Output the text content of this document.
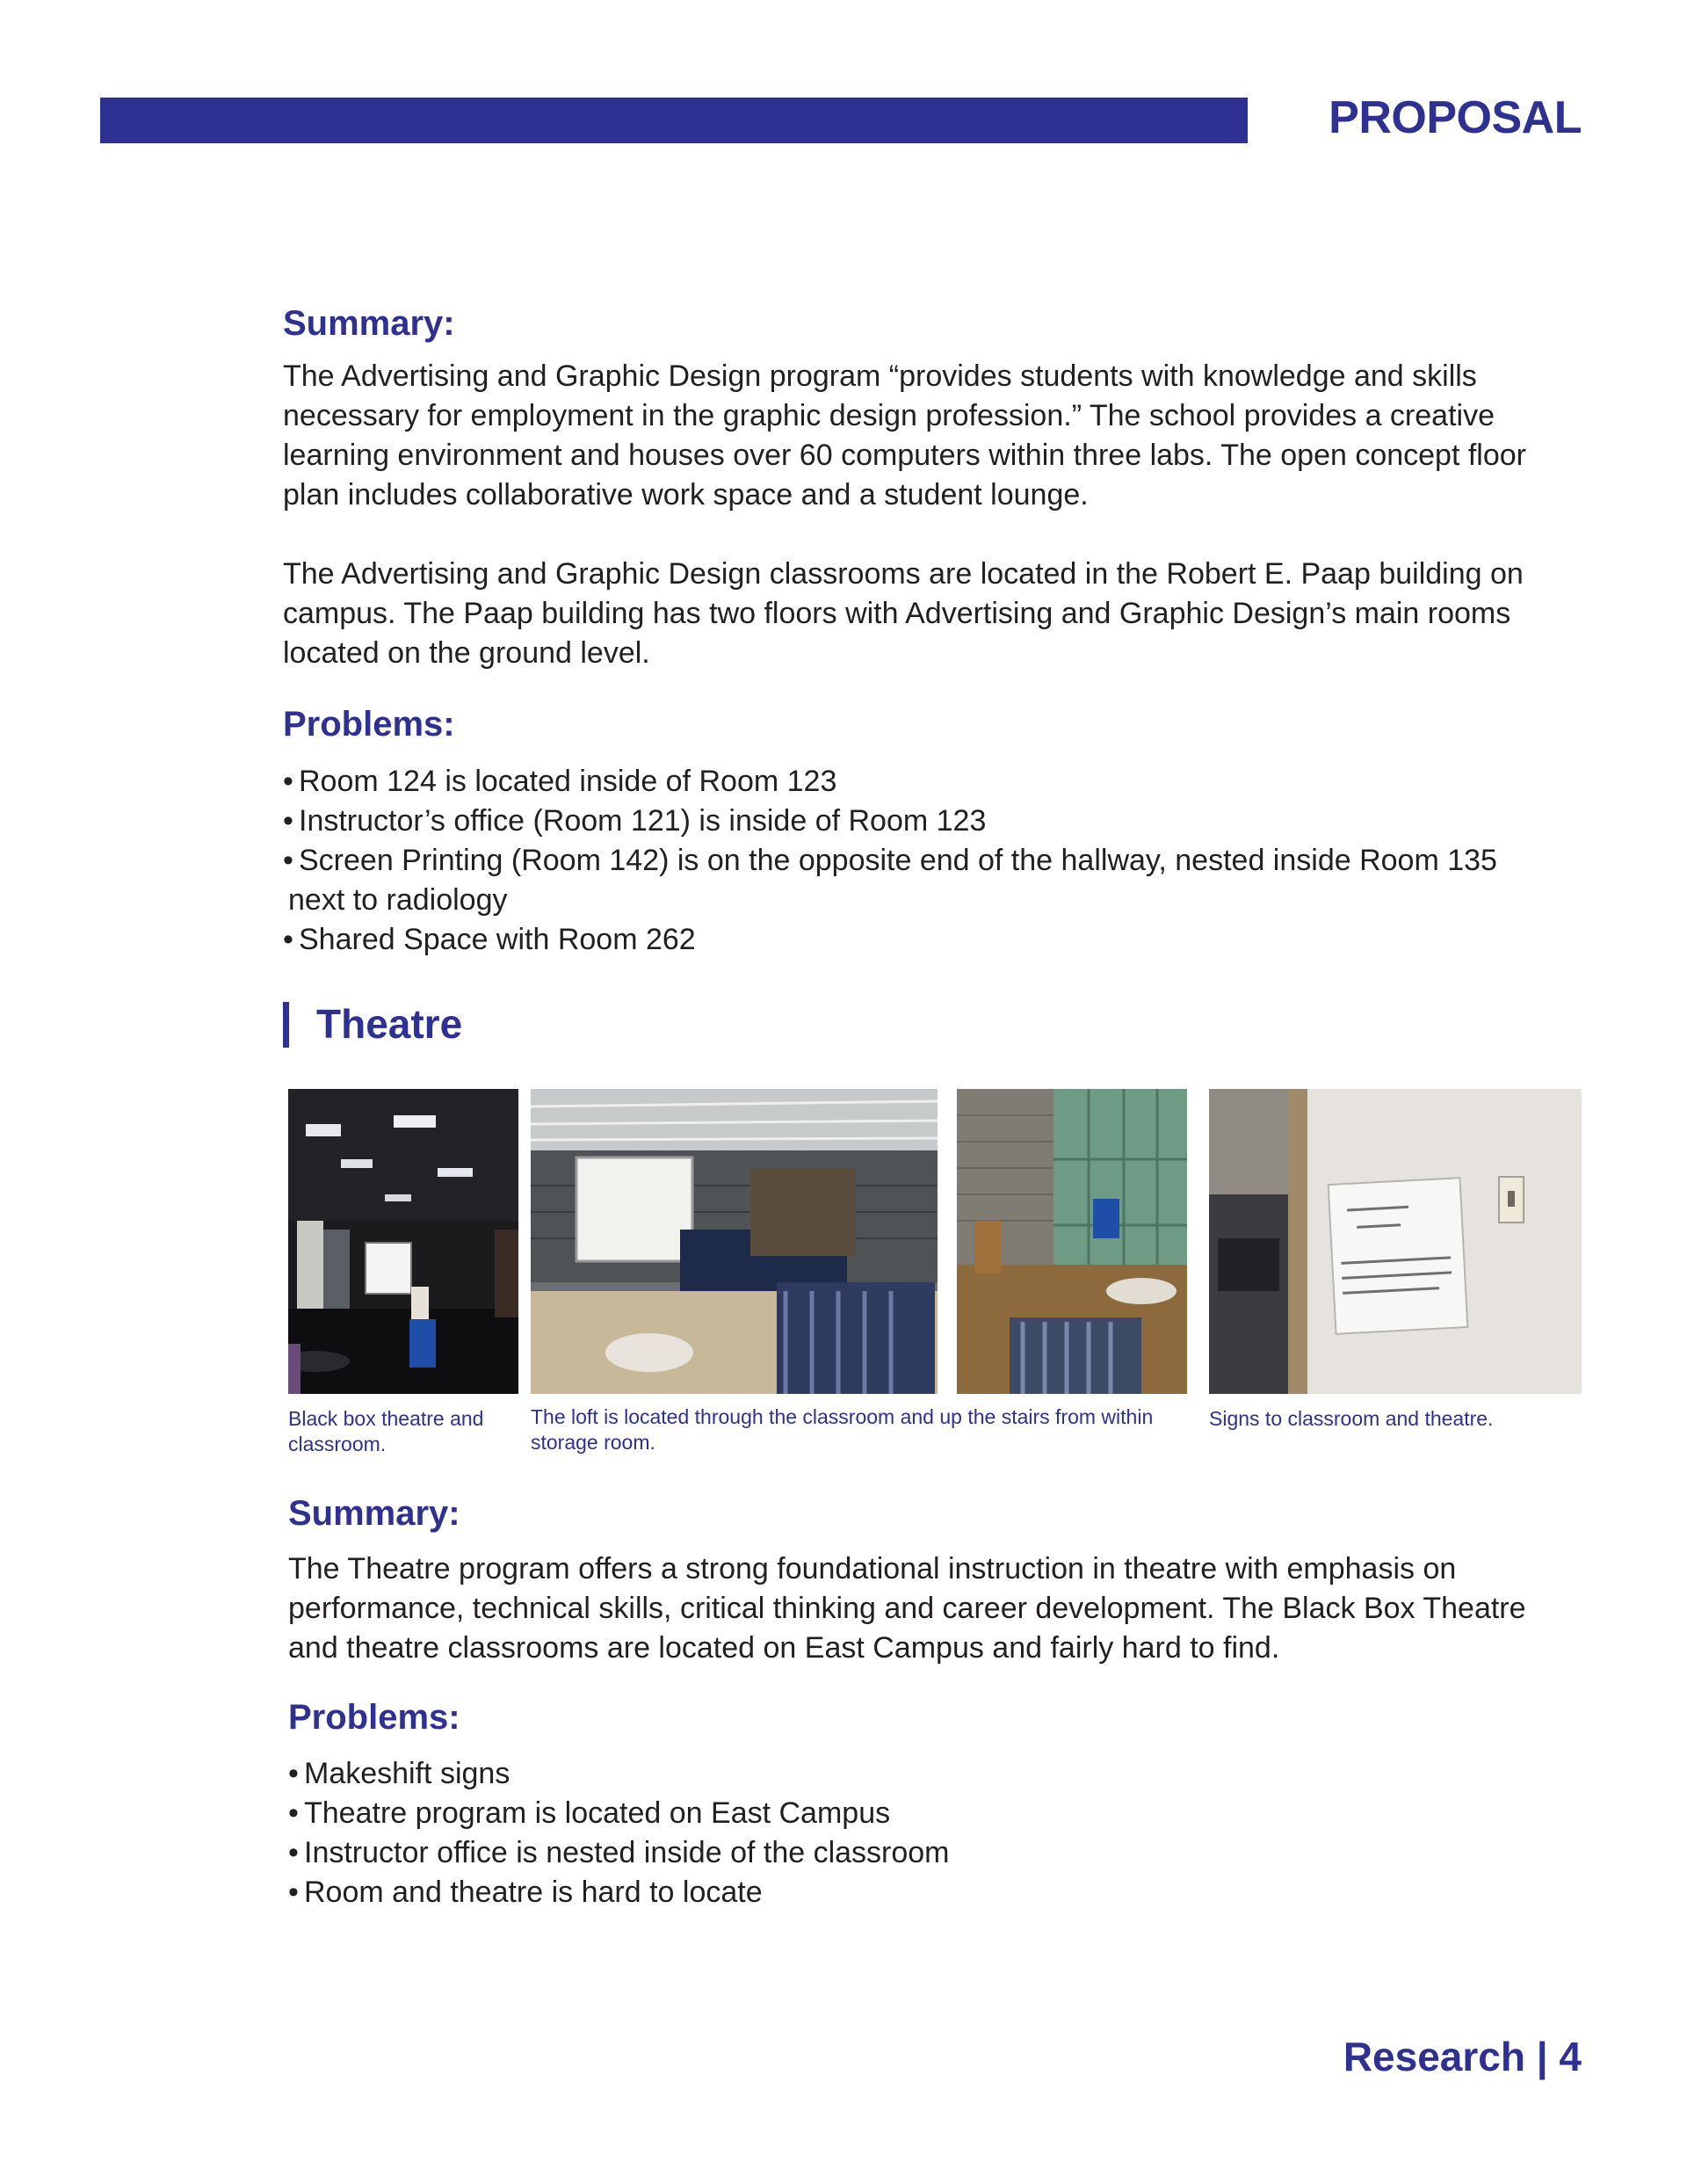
PROPOSAL
Summary:

The Advertising and Graphic Design program “provides students with knowledge and skills necessary for employment in the graphic design profession.” The school provides a creative learning environment and houses over 60 computers within three labs. The open concept floor plan includes collaborative work space and a student lounge.

The Advertising and Graphic Design classrooms are located in the Robert E. Paap building on campus. The Paap building has two floors with Advertising and Graphic Design’s main rooms located on the ground level.

Problems:
• Room 124 is located inside of Room 123
• Instructor’s office (Room 121) is inside of Room 123
• Screen Printing (Room 142) is on the opposite end of the hallway, nested inside Room 135
next to radiology
• Shared Space with Room 262
Theatre
Black box theatre and classroom.
The loft is located through the classroom and up the stairs from within storage room.
Signs to classroom and theatre.
Summary:

The Theatre program offers a strong foundational instruction in theatre with emphasis on performance, technical skills, critical thinking and career development. The Black Box Theatre and theatre classrooms are located on East Campus and fairly hard to find.

Problems:
• Makeshift signs
• Theatre program is located on East Campus
• Instructor office is nested inside of the classroom
• Room and theatre is hard to locate
Research | 4
